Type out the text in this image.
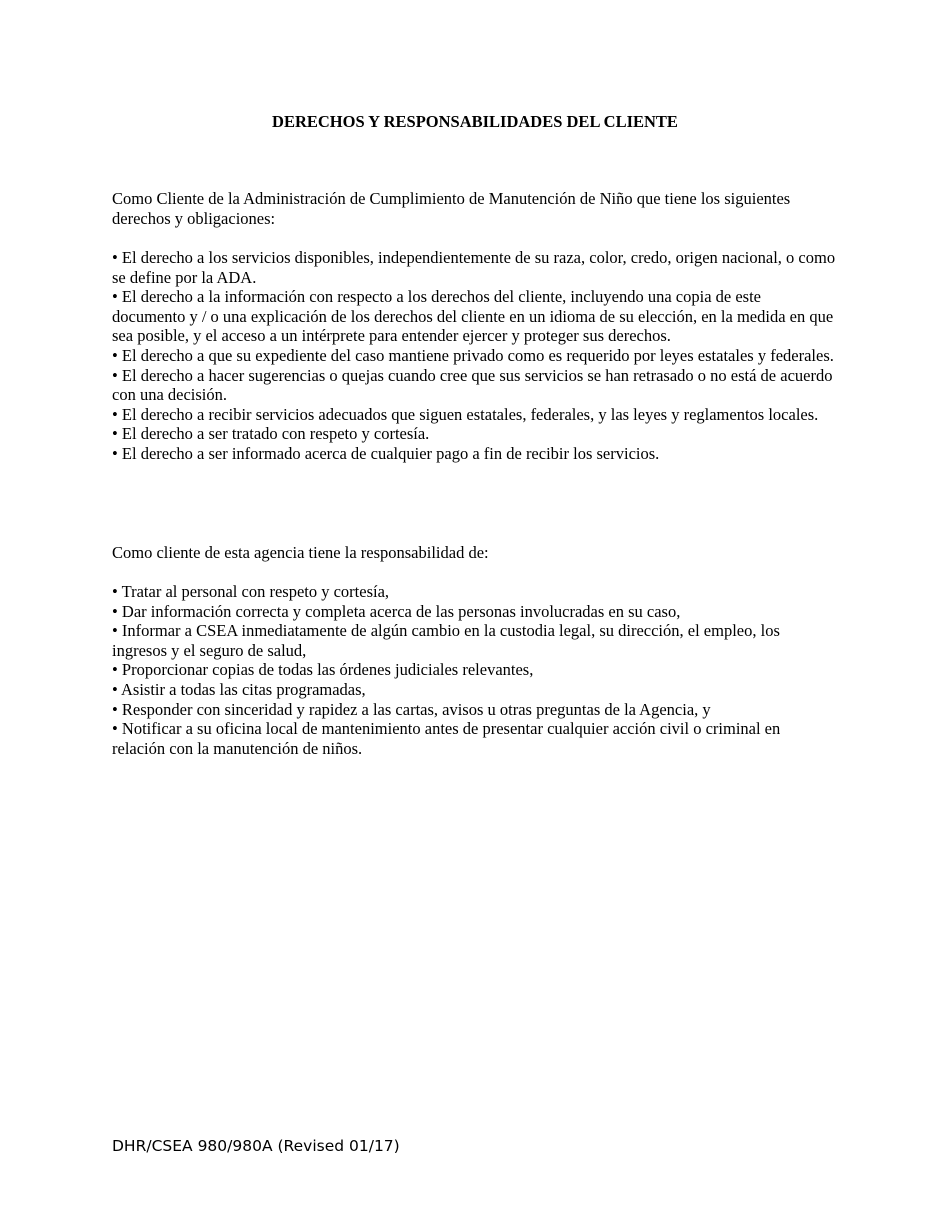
DERECHOS Y RESPONSABILIDADES DEL CLIENTE

Como Cliente de la Administración de Cumplimiento de Manutención de Niño que tiene los siguientes derechos y obligaciones:

• El derecho a los servicios disponibles, independientemente de su raza, color, credo, origen nacional, o como se define por la ADA.

• El derecho a la información con respecto a los derechos del cliente, incluyendo una copia de este documento y / o una explicación de los derechos del cliente en un idioma de su elección, en la medida en que sea posible, y el acceso a un intérprete para entender ejercer y proteger sus derechos.

• El derecho a que su expediente del caso mantiene privado como es requerido por leyes estatales y federales.

• El derecho a hacer sugerencias o quejas cuando cree que sus servicios se han retrasado o no está de acuerdo con una decisión.

• El derecho a recibir servicios adecuados que siguen estatales, federales, y las leyes y reglamentos locales.

• El derecho a ser tratado con respeto y cortesía.

• El derecho a ser informado acerca de cualquier pago a fin de recibir los servicios.

Como cliente de esta agencia tiene la responsabilidad de:

• Tratar al personal con respeto y cortesía,

• Dar información correcta y completa acerca de las personas involucradas en su caso,

• Informar a CSEA inmediatamente de algún cambio en la custodia legal, su dirección, el empleo, los ingresos y el seguro de salud,

• Proporcionar copias de todas las órdenes judiciales relevantes,

• Asistir a todas las citas programadas,

• Responder con sinceridad y rapidez a las cartas, avisos u otras preguntas de la Agencia, y

• Notificar a su oficina local de mantenimiento antes de presentar cualquier acción civil o criminal en relación con la manutención de niños.

DHR/CSEA 980/980A (Revised 01/17)
